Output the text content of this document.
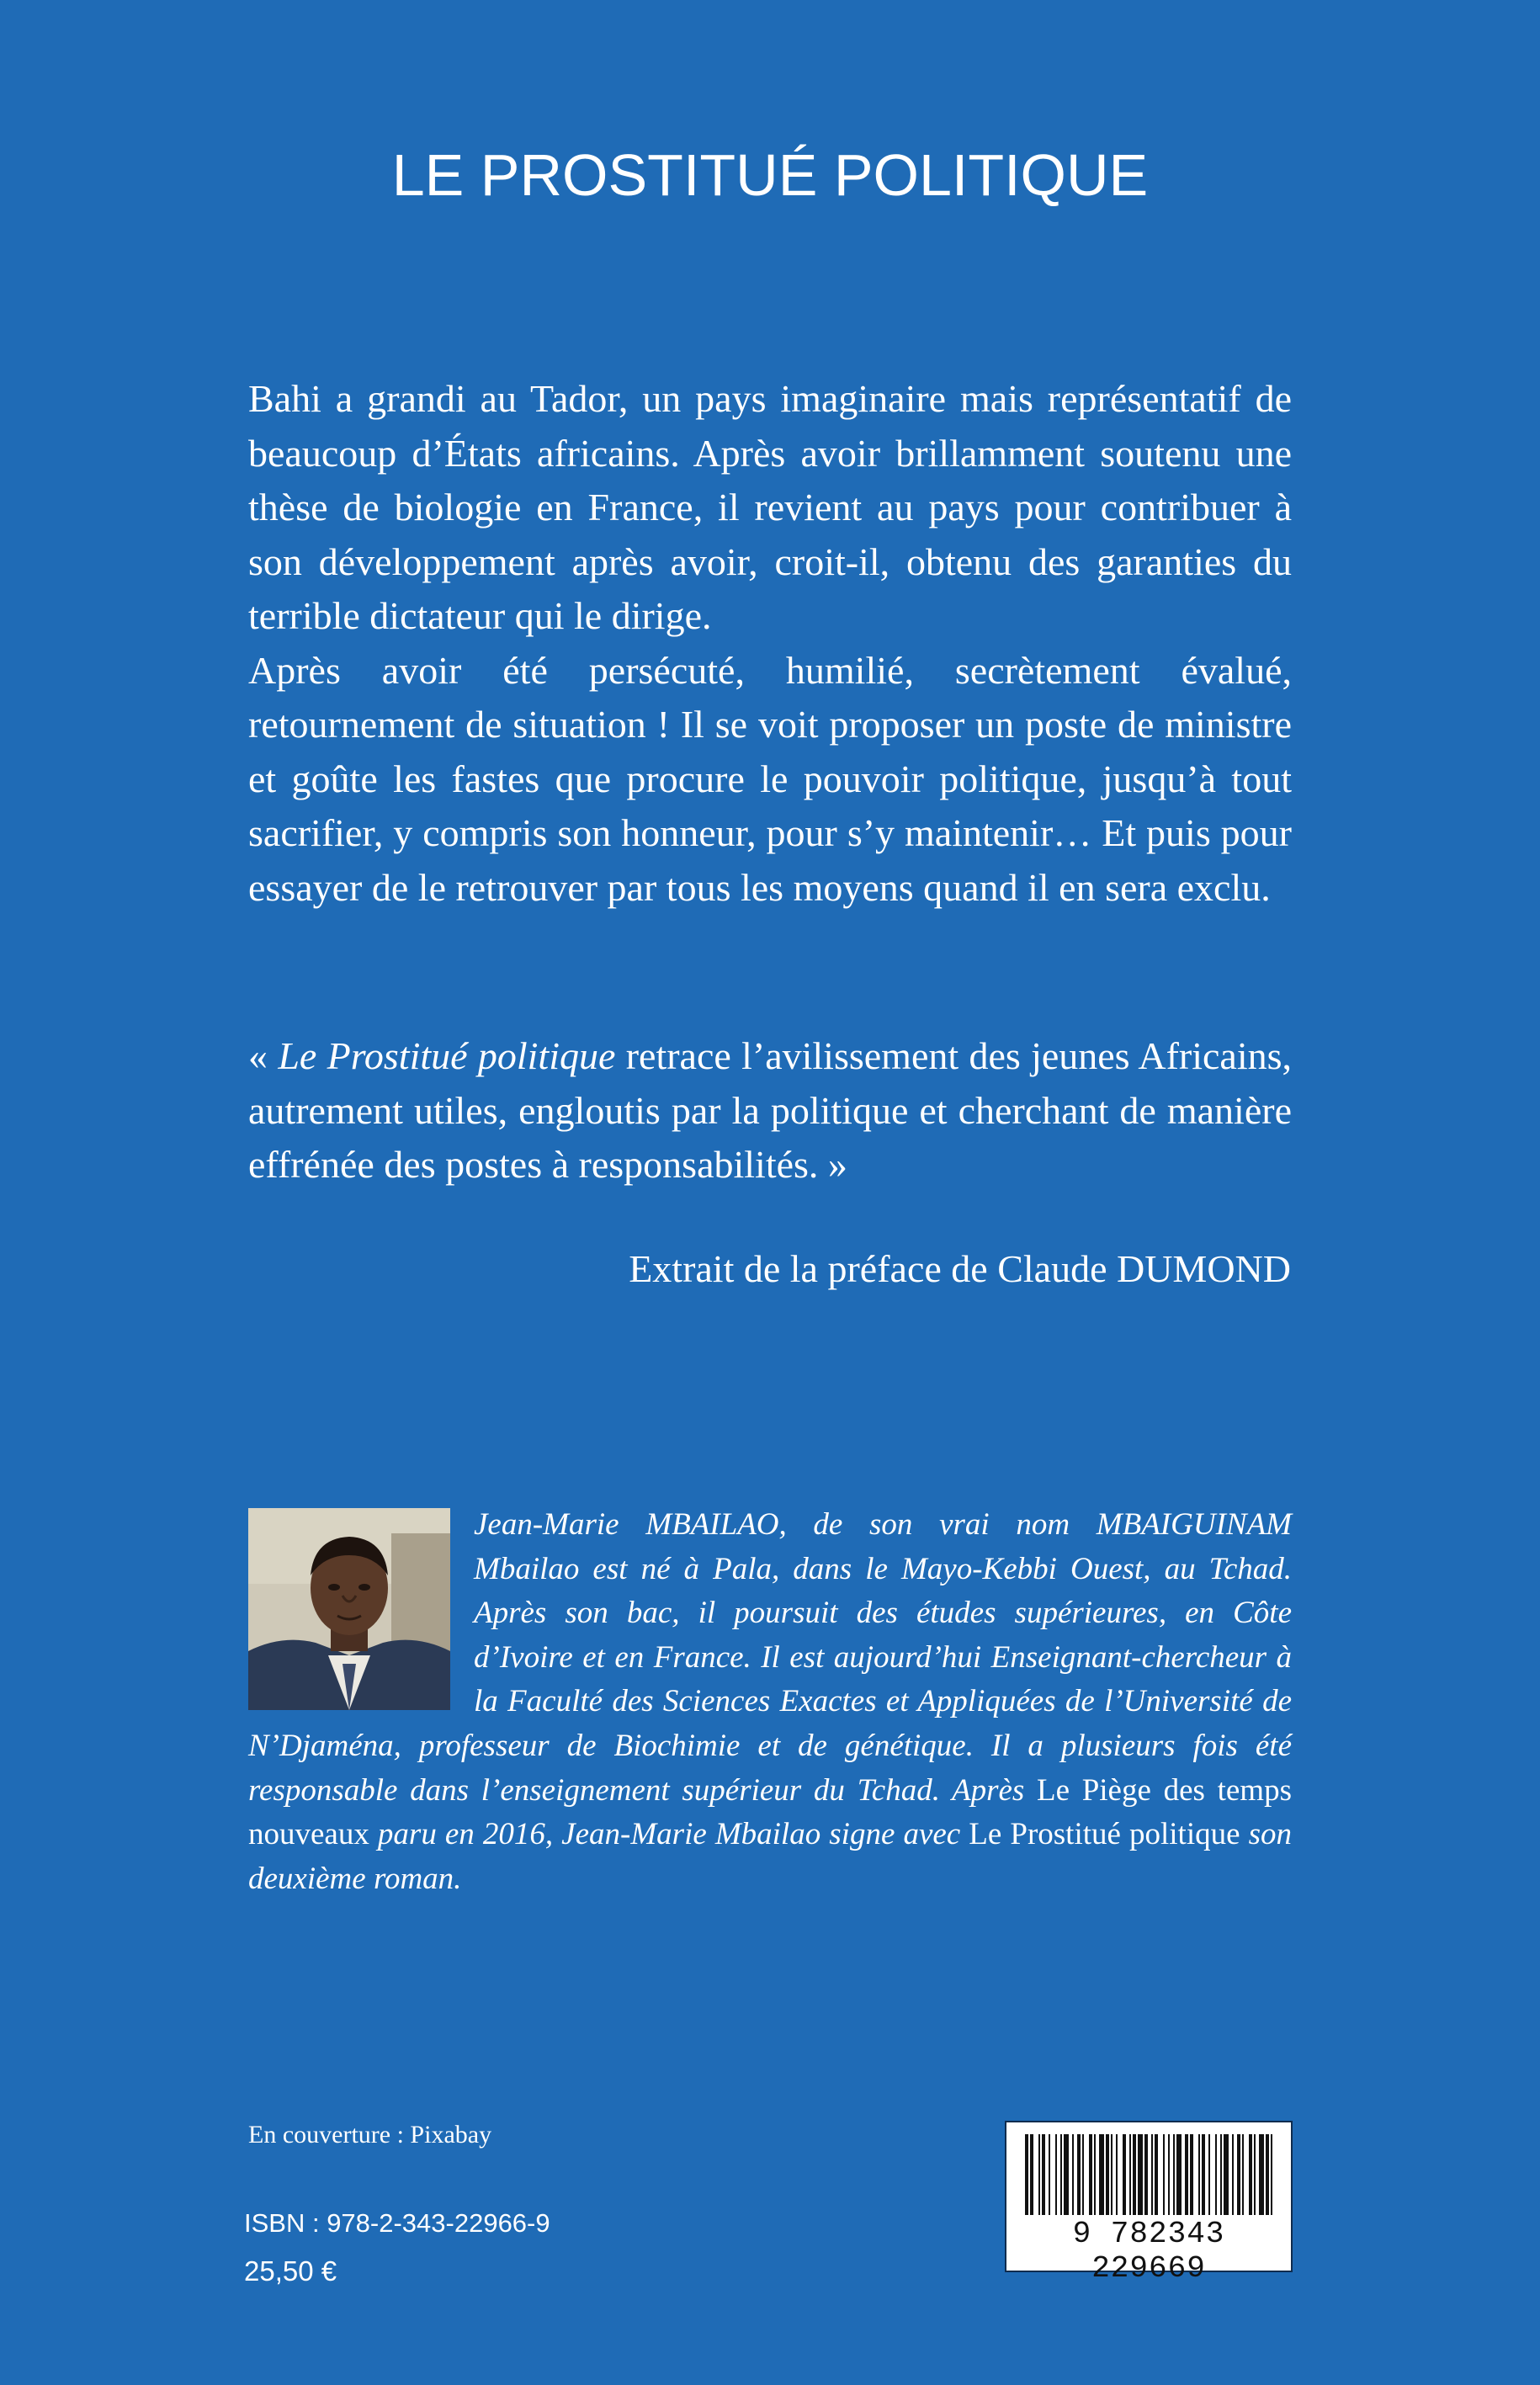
LE PROSTITUÉ POLITIQUE

Bahi a grandi au Tador, un pays imaginaire mais représentatif de beaucoup d’États africains. Après avoir brillamment soutenu une thèse de biologie en France, il revient au pays pour contribuer à son développement après avoir, croit-il, obtenu des garanties du terrible dictateur qui le dirige.

Après avoir été persécuté, humilié, secrètement évalué, retournement de situation ! Il se voit proposer un poste de ministre et goûte les fastes que procure le pouvoir politique, jusqu’à tout sacrifier, y compris son honneur, pour s’y maintenir… Et puis pour essayer de le retrouver par tous les moyens quand il en sera exclu.

« Le Prostitué politique retrace l’avilissement des jeunes Africains, autrement utiles, engloutis par la politique et cherchant de manière effrénée des postes à responsabilités. »
Extrait de la préface de Claude DUMOND
Jean-Marie MBAILAO, de son vrai nom MBAIGUINAM Mbailao est né à Pala, dans le Mayo-Kebbi Ouest, au Tchad. Après son bac, il poursuit des études supérieures, en Côte d’Ivoire et en France. Il est aujourd’hui Enseignant-chercheur à la Faculté des Sciences Exactes et Appliquées de l’Université de N’Djaména, professeur de Biochimie et de génétique. Il a plusieurs fois été responsable dans l’enseignement supérieur du Tchad. Après Le Piège des temps nouveaux paru en 2016, Jean-Marie Mbailao signe avec Le Prostitué politique son deuxième roman.
En couverture : Pixabay
ISBN : 978-2-343-22966-9
25,50 €
9 782343 229669
